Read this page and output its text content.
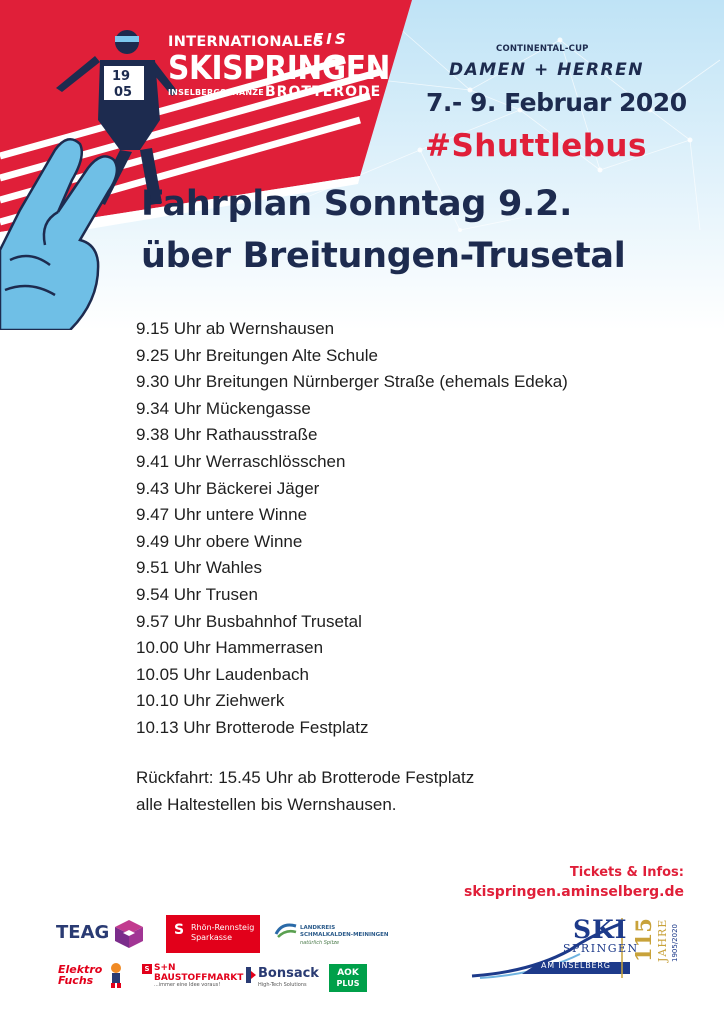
19
05
INTERNATIONALES
FIS
SKISPRINGEN
INSELBERGSCHANZE BROTTERODE
CONTINENTAL-CUP
DAMEN + HERREN
7.- 9. Februar 2020
#Shuttlebus
Fahrplan Sonntag 9.2.
über Breitungen-Trusetal
9.15 Uhr ab Wernshausen
9.25 Uhr Breitungen Alte Schule
9.30 Uhr Breitungen Nürnberger Straße (ehemals Edeka)
9.34 Uhr Mückengasse
9.38 Uhr Rathausstraße
9.41 Uhr Werraschlösschen
9.43 Uhr Bäckerei Jäger
9.47 Uhr untere Winne
9.49 Uhr obere Winne
9.51 Uhr Wahles
9.54 Uhr Trusen
9.57 Uhr Busbahnhof Trusetal
10.00 Uhr Hammerrasen
10.05 Uhr Laudenbach
10.10 Uhr Ziehwerk
10.13 Uhr Brotterode Festplatz
Rückfahrt: 15.45 Uhr ab Brotterode Festplatz
alle Haltestellen bis Wernshausen.
Tickets & Infos:
skispringen.aminselberg.de
TEAG	S Rhön-Rennsteig
Sparkasse
LANDKREIS
SCHMALKALDEN-MEININGEN
natürlich Spitze
Elektro
Fuchs
S S+N
BAUSTOFFMARKT
...immer eine Idee voraus!
Bonsack
High-Tech Solutions
AOK
PLUS
SKI
SPRINGEN
AM INSELBERG
115 JAHRE 1905/2020
